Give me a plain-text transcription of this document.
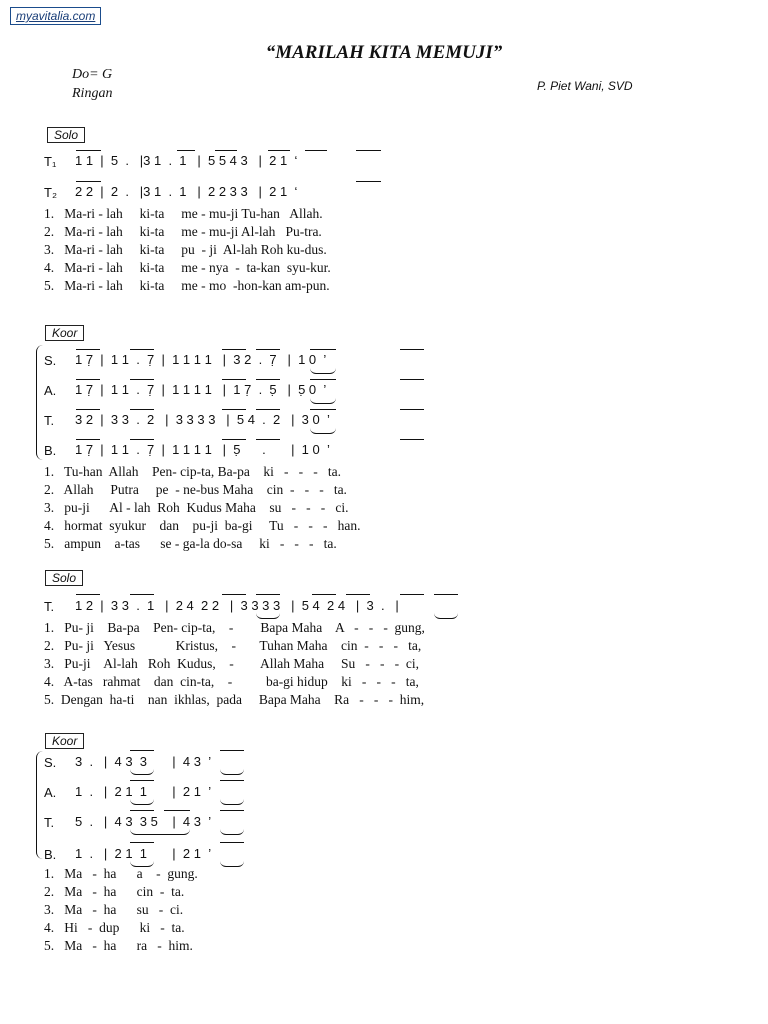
myavitalia.com
“MARILAH KITA MEMUJI”
Do= G
Ringan	P. Piet Wani, SVD
Solo
T₁ 1 1  |  5  .   |3 1  .  1   |  5 5 4 3   |  2 1  ‘
T₂ 2 2  |  2  .   |3 1  .  1   |  2 2 3 3   |  2 1  ‘
1.   Ma-ri - lah     ki-ta     me - mu-ji Tu-han   Allah.
2.   Ma-ri - lah     ki-ta     me - mu-ji Al-lah   Pu-tra.
3.   Ma-ri - lah     ki-ta     pu  - ji  Al-lah Roh ku-dus.
4.   Ma-ri - lah     ki-ta     me - nya  -  ta-kan  syu-kur.
5.   Ma-ri - lah     ki-ta     me - mo  -hon-kan am-pun.
Koor
S. 1 7̣  |  1 1  .  7̣  |  1 1 1 1   |  3 2  .  7̣   |  1 0  ’
A. 1 7̣  |  1 1  .  7̣  |  1 1 1 1   |  1 7̣  .  5̣   |  5̣ 0  ’
T. 3 2  |  3 3  .  2   |  3 3 3 3   |  5 4  .  2   |  3 0  ’
B. 1 7̣  |  1 1  .  7̣  |  1 1 1 1   |  5̣      .       |  1 0  ’
1.   Tu-han  Allah    Pen- cip-ta, Ba-pa    ki   -   -   -   ta.
2.   Allah     Putra     pe  - ne-bus Maha    cin  -   -   -   ta.
3.   pu-ji      Al - lah  Roh  Kudus Maha    su   -   -   -   ci.
4.   hormat  syukur    dan    pu-ji  ba-gi     Tu   -   -   -   han.
5.   ampun    a-tas      se - ga-la do-sa     ki   -   -   -   ta.
Solo
T. 1 2  |  3 3  .  1   |  2 4  2 2   |  3 3 3 3   |  5 4  2 4   |  3  .   |
1.   Pu- ji    Ba-pa    Pen- cip-ta,    -        Bapa Maha    A   -   -   -  gung,
2.   Pu- ji   Yesus            Kristus,    -       Tuhan Maha    cin  -   -   -   ta,
3.   Pu-ji    Al-lah   Roh  Kudus,    -        Allah Maha     Su   -   -   -  ci,
4.   A-tas   rahmat    dan  cin-ta,    -          ba-gi hidup    ki   -   -   -   ta,
5.  Dengan  ha-ti    nan  ikhlas,  pada     Bapa Maha    Ra   -   -   -  him,
Koor
S. 3  .   |  4 3  3       |  4 3  ’
A. 1  .   |  2 1  1       |  2 1  ’
T. 5  .   |  4 3  3 5    |  4 3  ’
B. 1  .   |  2 1  1       |  2 1  ’
1.   Ma   -  ha      a    -  gung.
2.   Ma   -  ha      cin  -  ta.
3.   Ma   -  ha      su   -  ci.
4.   Hi   -  dup      ki   -  ta.
5.   Ma   -  ha      ra   -  him.
